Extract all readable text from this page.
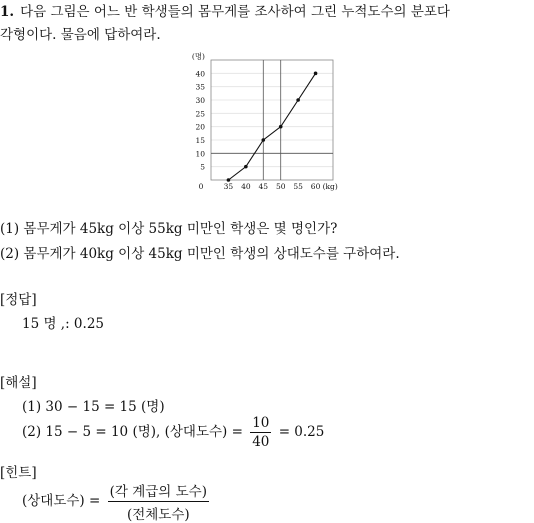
1. 다음 그림은 어느 반 학생들의 몸무게를 조사하여 그린 누적도수의 분포다
각형이다. 물음에 답하여라.
5
10
15
20
25
30
35
40
(명)
0	35 40 45 50 55 60 (kg)
(1) 몸무게가 45kg 이상 55kg 미만인 학생은 몇 명인가?
(2) 몸무게가 40kg 이상 45kg 미만인 학생의 상대도수를 구하여라.
[정답]
15 명 ,: 0.25
[해설]
(1) 30 − 15 = 15 (명)
(2) 15 − 5 = 10 (명), (상대도수) = $\frac{10}{40} = 0.25$
[힌트]
(상대도수) = $\frac{\text{(각 계급의 도수)}}{\text{(전체도수)}}$
